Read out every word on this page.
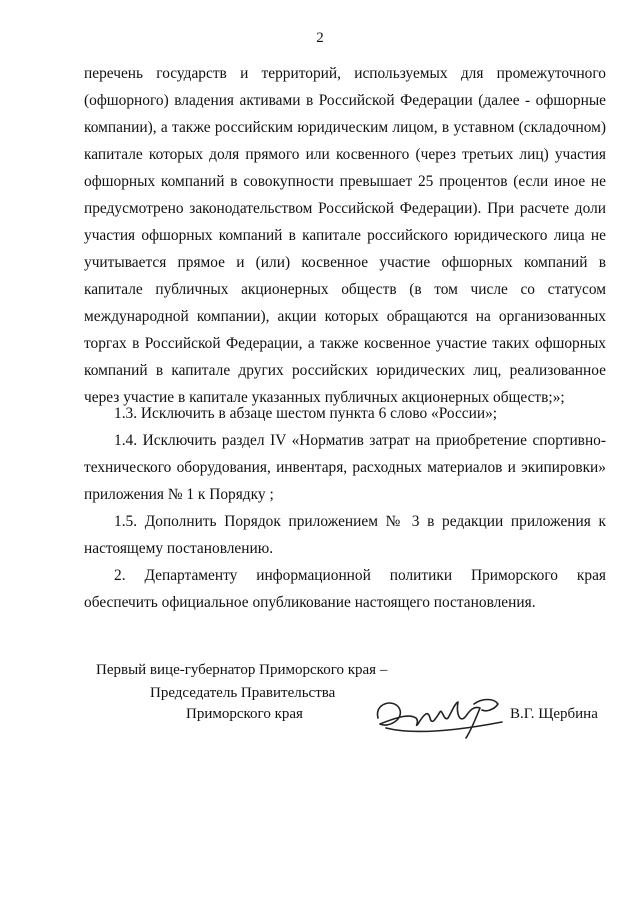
2
перечень государств и территорий, используемых для промежуточного (офшорного) владения активами в Российской Федерации (далее - офшорные компании), а также российским юридическим лицом, в уставном (складочном) капитале которых доля прямого или косвенного (через третьих лиц) участия офшорных компаний в совокупности превышает 25 процентов (если иное не предусмотрено законодательством Российской Федерации). При расчете доли участия офшорных компаний в капитале российского юридического лица не учитывается прямое и (или) косвенное участие офшорных компаний в капитале публичных акционерных обществ (в том числе со статусом международной компании), акции которых обращаются на организованных торгах в Российской Федерации, а также косвенное участие таких офшорных компаний в капитале других российских юридических лиц, реализованное через участие в капитале указанных публичных акционерных обществ;»;
1.3. Исключить в абзаце шестом пункта 6 слово «России»;
1.4. Исключить раздел IV «Норматив затрат на приобретение спортивно-технического оборудования, инвентаря, расходных материалов и экипировки» приложения № 1 к Порядку ;
1.5. Дополнить Порядок приложением № 3 в редакции приложения к настоящему постановлению.
2. Департаменту информационной политики Приморского края обеспечить официальное опубликование настоящего постановления.
Первый вице-губернатор Приморского края –
Председатель Правительства
Приморского края	В.Г. Щербина
